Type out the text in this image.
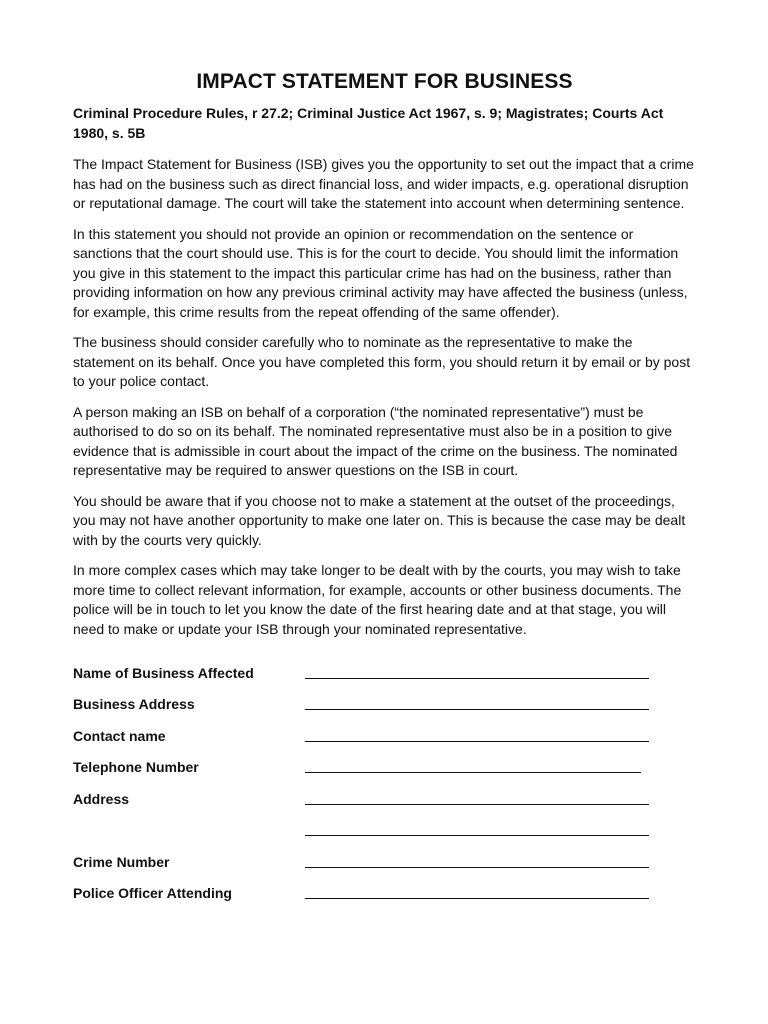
IMPACT STATEMENT FOR BUSINESS

Criminal Procedure Rules, r 27.2; Criminal Justice Act 1967, s. 9; Magistrates; Courts Act 1980, s. 5B

The Impact Statement for Business (ISB) gives you the opportunity to set out the impact that a crime has had on the business such as direct financial loss, and wider impacts, e.g. operational disruption or reputational damage. The court will take the statement into account when determining sentence.

In this statement you should not provide an opinion or recommendation on the sentence or sanctions that the court should use. This is for the court to decide. You should limit the information you give in this statement to the impact this particular crime has had on the business, rather than providing information on how any previous criminal activity may have affected the business (unless, for example, this crime results from the repeat offending of the same offender).

The business should consider carefully who to nominate as the representative to make the statement on its behalf. Once you have completed this form, you should return it by email or by post to your police contact.

A person making an ISB on behalf of a corporation (“the nominated representative”) must be authorised to do so on its behalf. The nominated representative must also be in a position to give evidence that is admissible in court about the impact of the crime on the business. The nominated representative may be required to answer questions on the ISB in court.

You should be aware that if you choose not to make a statement at the outset of the proceedings, you may not have another opportunity to make one later on. This is because the case may be dealt with by the courts very quickly.

In more complex cases which may take longer to be dealt with by the courts, you may wish to take more time to collect relevant information, for example, accounts or other business documents. The police will be in touch to let you know the date of the first hearing date and at that stage, you will need to make or update your ISB through your nominated representative.

Name of Business Affected
Business Address
Contact name
Telephone Number
Address
Crime Number
Police Officer Attending
